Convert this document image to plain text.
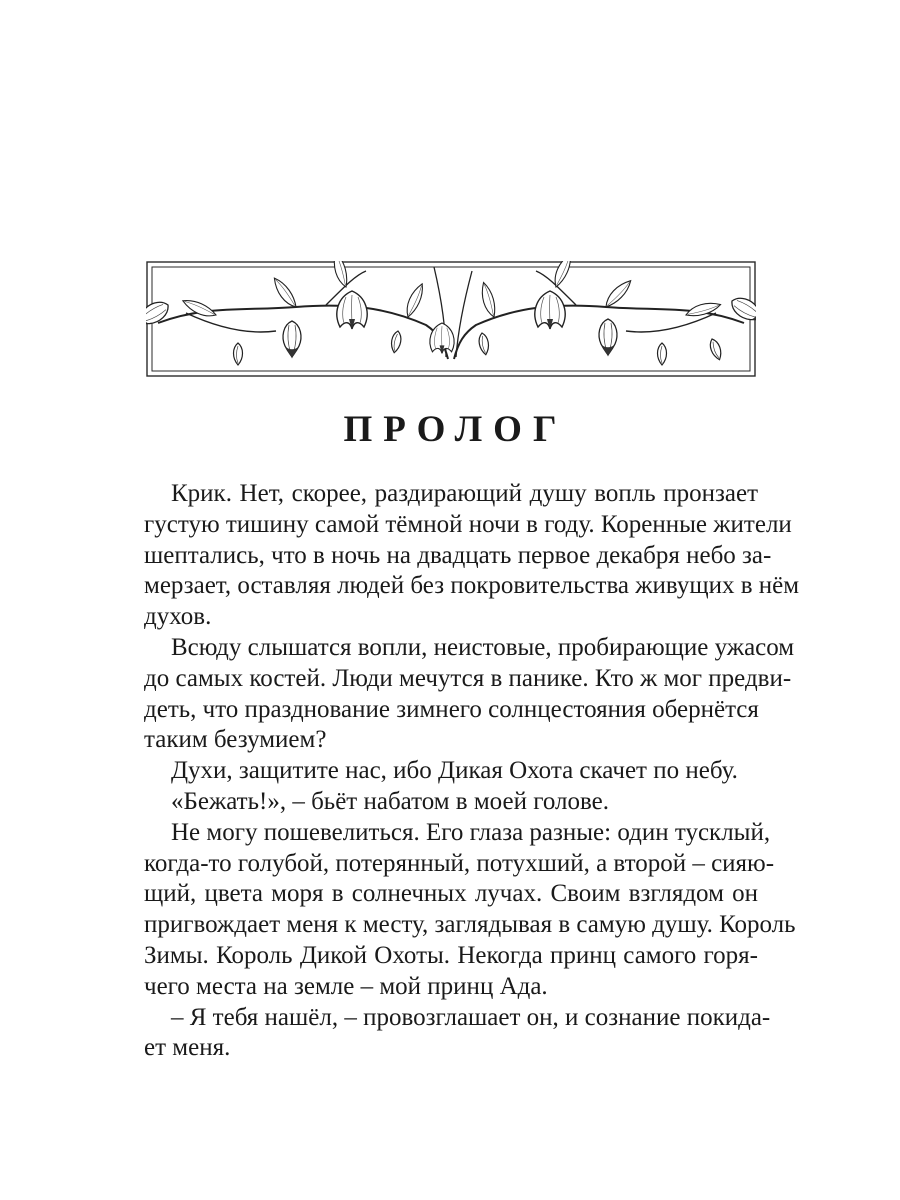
ПРОЛОГ
Крик. Нет, скорее, раздирающий душу вопль пронзает
густую тишину самой тёмной ночи в году. Коренные жители
шептались, что в ночь на двадцать первое декабря небо за-
мерзает, оставляя людей без покровительства живущих в нём
духов.
Всюду слышатся вопли, неистовые, пробирающие ужасом
до самых костей. Люди мечутся в панике. Кто ж мог предви-
деть, что празднование зимнего солнцестояния обернётся
таким безумием?
Духи, защитите нас, ибо Дикая Охота скачет по небу.
«Бежать!», – бьёт набатом в моей голове.
Не могу пошевелиться. Его глаза разные: один тусклый,
когда-то голубой, потерянный, потухший, а второй – сияю-
щий, цвета моря в солнечных лучах. Своим взглядом он
пригвождает меня к месту, заглядывая в самую душу. Король
Зимы. Король Дикой Охоты. Некогда принц самого горя-
чего места на земле – мой принц Ада.
– Я тебя нашёл, – провозглашает он, и сознание покида-
ет меня.
